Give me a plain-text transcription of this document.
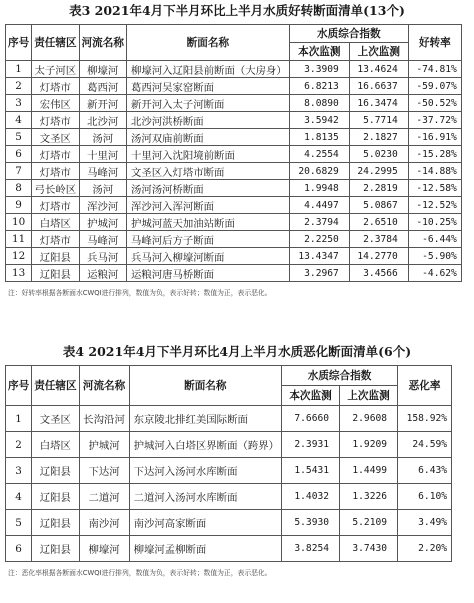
表3 2021年4月下半月环比上半月水质好转断面清单(13个)
序号	责任辖区	河流名称	断面名称	水质综合指数		好转率
				本次监测	上次监测	
1	太子河区	柳壕河	柳壕河入辽阳县前断面（大房身）	3.3909	13.4624	-74.81%
2	灯塔市	葛西河	葛西河吴家窑断面	6.8213	16.6637	-59.07%
3	宏伟区	新开河	新开河入太子河断面	8.0890	16.3474	-50.52%
4	灯塔市	北沙河	北沙河洪桥断面	3.5942	5.7714	-37.72%
5	文圣区	汤河	汤河双庙前断面	1.8135	2.1827	-16.91%
6	灯塔市	十里河	十里河入沈阳境前断面	4.2554	5.0230	-15.28%
7	灯塔市	马峰河	文圣区入灯塔市断面	20.6829	24.2995	-14.88%
8	弓长岭区	汤河	汤河汤河桥断面	1.9948	2.2819	-12.58%
9	灯塔市	浑沙河	浑沙河入浑河断面	4.4497	5.0867	-12.52%
10	白塔区	护城河	护城河蓝天加油站断面	2.3794	2.6510	-10.25%
11	灯塔市	马峰河	马峰河后方子断面	2.2250	2.3784	-6.44%
12	辽阳县	兵马河	兵马河入柳壕河断面	13.4347	14.2770	-5.90%
13	辽阳县	运粮河	运粮河唐马桥断面	3.2967	3.4566	-4.62%
注：好转率根据各断面水CWQI进行排列，数值为负，表示好转；数值为正，表示恶化。
表4 2021年4月下半月环比4月上半月水质恶化断面清单(6个)
序号	责任辖区	河流名称	断面名称	水质综合指数		恶化率
				本次监测	上次监测	
1	文圣区	长沟沿河	东京陵北排红美国际断面	7.6660	2.9608	158.92%
2	白塔区	护城河	护城河入白塔区界断面（跨界）	2.3931	1.9209	24.59%
3	辽阳县	下达河	下达河入汤河水库断面	1.5431	1.4499	6.43%
4	辽阳县	二道河	二道河入汤河水库断面	1.4032	1.3226	6.10%
5	辽阳县	南沙河	南沙河高家断面	5.3930	5.2109	3.49%
6	辽阳县	柳壕河	柳壕河孟柳断面	3.8254	3.7430	2.20%
注：恶化率根据各断面水CWQI进行排列，数值为负，表示好转；数值为正，表示恶化。
